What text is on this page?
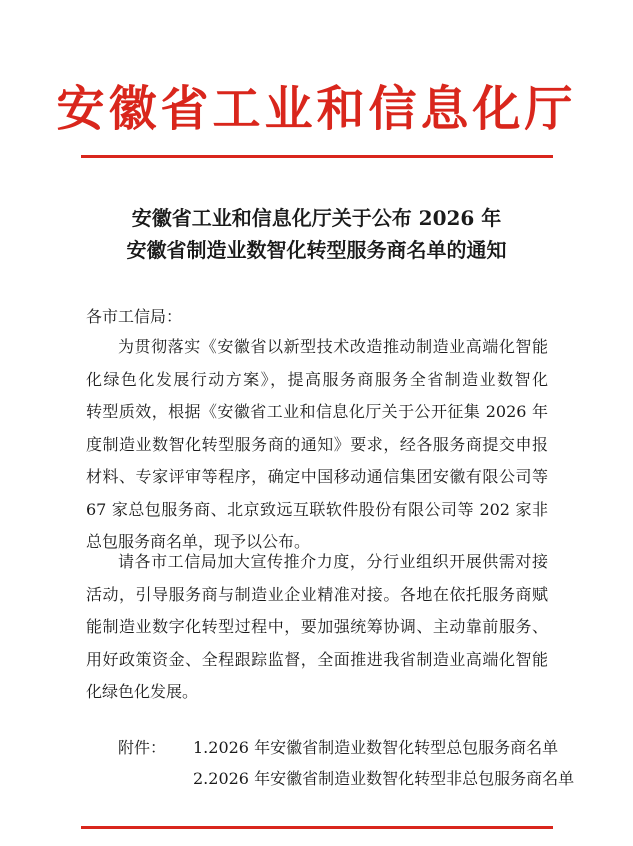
安徽省工业和信息化厅
安徽省工业和信息化厅关于公布 2026 年
安徽省制造业数智化转型服务商名单的通知
各市工信局：
为贯彻落实《安徽省以新型技术改造推动制造业高端化智能
化绿色化发展行动方案》，提高服务商服务全省制造业数智化
转型质效，根据《安徽省工业和信息化厅关于公开征集 2026 年
度制造业数智化转型服务商的通知》要求，经各服务商提交申报
材料、专家评审等程序，确定中国移动通信集团安徽有限公司等
67 家总包服务商、北京致远互联软件股份有限公司等 202 家非
总包服务商名单，现予以公布。
请各市工信局加大宣传推介力度，分行业组织开展供需对接
活动，引导服务商与制造业企业精准对接。各地在依托服务商赋
能制造业数字化转型过程中，要加强统筹协调、主动靠前服务、
用好政策资金、全程跟踪监督，全面推进我省制造业高端化智能
化绿色化发展。
附件： 1.2026 年安徽省制造业数智化转型总包服务商名单
2.2026 年安徽省制造业数智化转型非总包服务商名单
